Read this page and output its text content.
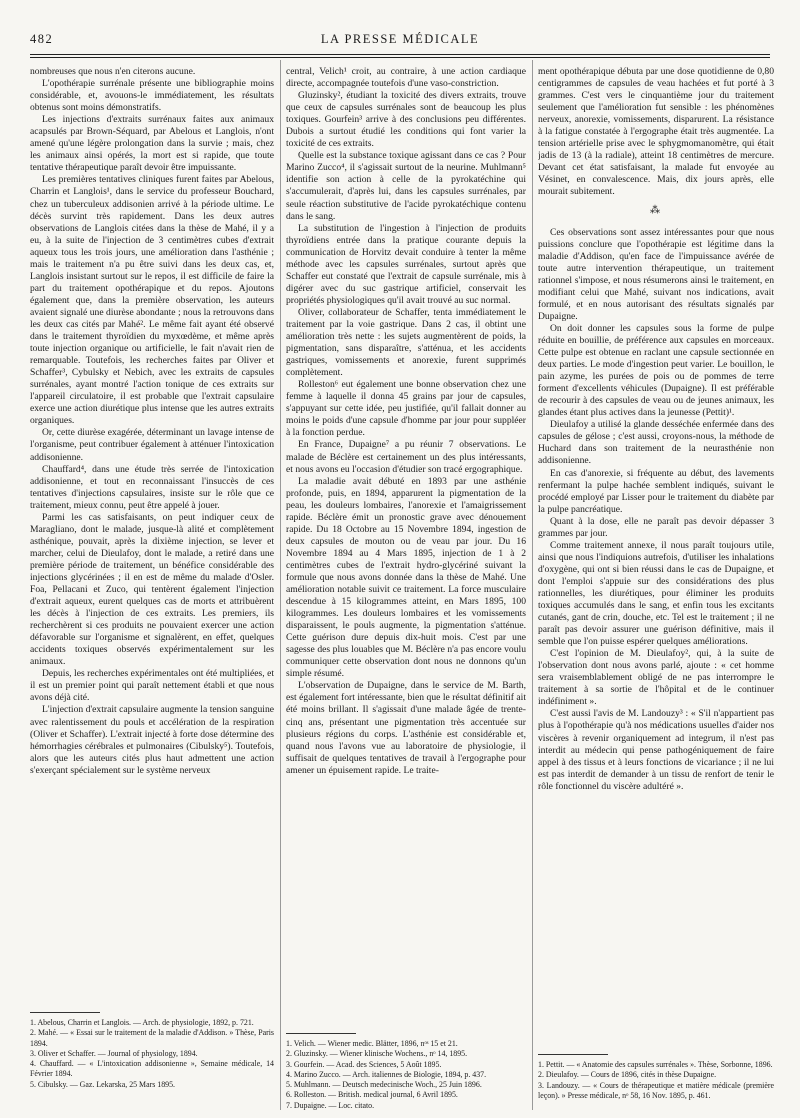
482	LA PRESSE MÉDICALE

nombreuses que nous n'en citerons aucune.

L'opothérapie surrénale présente une bibliographie moins considérable, et, avouons-le immédiatement, les résultats obtenus sont moins démonstratifs.

Les injections d'extraits surrénaux faites aux animaux acapsulés par Brown-Séquard, par Abelous et Langlois, n'ont amené qu'une légère prolongation dans la survie ; mais, chez les animaux ainsi opérés, la mort est si rapide, que toute tentative thérapeutique paraît devoir être impuissante.

Les premières tentatives cliniques furent faites par Abelous, Charrin et Langlois¹, dans le service du professeur Bouchard, chez un tuberculeux addisonien arrivé à la période ultime. Le décès survint très rapidement. Dans les deux autres observations de Langlois citées dans la thèse de Mahé, il y a eu, à la suite de l'injection de 3 centimètres cubes d'extrait aqueux tous les trois jours, une amélioration dans l'asthénie ; mais le traitement n'a pu être suivi dans les deux cas, et, Langlois insistant surtout sur le repos, il est difficile de faire la part du traitement opothérapique et du repos. Ajoutons également que, dans la première observation, les auteurs avaient signalé une diurèse abondante ; nous la retrouvons dans les deux cas cités par Mahé². Le même fait ayant été observé dans le traitement thyroïdien du myxœdème, et même après toute injection organique ou artificielle, le fait n'avait rien de remarquable. Toutefois, les recherches faites par Oliver et Schaffer³, Cybulsky et Nebich, avec les extraits de capsules surrénales, ayant montré l'action tonique de ces extraits sur l'appareil circulatoire, il est probable que l'extrait capsulaire exerce une action diurétique plus intense que les autres extraits organiques.

Or, cette diurèse exagérée, déterminant un lavage intense de l'organisme, peut contribuer également à atténuer l'intoxication addisonienne.

Chauffard⁴, dans une étude très serrée de l'intoxication addisonienne, et tout en reconnaissant l'insuccès de ces tentatives d'injections capsulaires, insiste sur le rôle que ce traitement, mieux connu, peut être appelé à jouer.

Parmi les cas satisfaisants, on peut indiquer ceux de Maragliano, dont le malade, jusque-là alité et complètement asthénique, pouvait, après la dixième injection, se lever et marcher, celui de Dieulafoy, dont le malade, a retiré dans une première période de traitement, un bénéfice considérable des injections glycérinées ; il en est de même du malade d'Osler. Foa, Pellacani et Zuco, qui tentèrent également l'injection d'extrait aqueux, eurent quelques cas de morts et attribuèrent les décès à l'injection de ces extraits. Les premiers, ils recherchèrent si ces produits ne pouvaient exercer une action défavorable sur l'organisme et signalèrent, en effet, quelques accidents toxiques observés expérimentalement sur les animaux.

Depuis, les recherches expérimentales ont été multipliées, et il est un premier point qui paraît nettement établi et que nous avons déjà cité.

L'injection d'extrait capsulaire augmente la tension sanguine avec ralentissement du pouls et accélération de la respiration (Oliver et Schaffer). L'extrait injecté à forte dose détermine des hémorrhagies cérébrales et pulmonaires (Cibulsky⁵). Toutefois, alors que les auteurs cités plus haut admettent une action s'exerçant spécialement sur le système nerveux

1. Abelous, Charrin et Langlois. — Arch. de physiologie, 1892, p. 721.

2. Mahé. — « Essai sur le traitement de la maladie d'Addison. » Thèse, Paris 1894.

3. Oliver et Schaffer. — Journal of physiology, 1894.

4. Chauffard. — « L'intoxication addisonienne », Semaine médicale, 14 Février 1894.

5. Cibulsky. — Gaz. Lekarska, 25 Mars 1895.

central, Velich¹ croit, au contraire, à une action cardiaque directe, accompagnée toutefois d'une vaso-constriction.

Gluzinsky², étudiant la toxicité des divers extraits, trouve que ceux de capsules surrénales sont de beaucoup les plus toxiques. Gourfein³ arrive à des conclusions peu différentes. Dubois a surtout étudié les conditions qui font varier la toxicité de ces extraits.

Quelle est la substance toxique agissant dans ce cas ? Pour Marino Zucco⁴, il s'agissait surtout de la neurine. Muhlmann⁵ identifie son action à celle de la pyrokatéchine qui s'accumulerait, d'après lui, dans les capsules surrénales, par seule réaction substitutive de l'acide pyrokatéchique contenu dans le sang.

La substitution de l'ingestion à l'injection de produits thyroïdiens entrée dans la pratique courante depuis la communication de Horvitz devait conduire à tenter la même méthode avec les capsules surrénales, surtout après que Schaffer eut constaté que l'extrait de capsule surrénale, mis à digérer avec du suc gastrique artificiel, conservait les propriétés physiologiques qu'il avait trouvé au suc normal.

Oliver, collaborateur de Schaffer, tenta immédiatement le traitement par la voie gastrique. Dans 2 cas, il obtint une amélioration très nette : les sujets augmentèrent de poids, la pigmentation, sans disparaître, s'atténua, et les accidents gastriques, vomissements et anorexie, furent supprimés complètement.

Rolleston⁶ eut également une bonne observation chez une femme à laquelle il donna 45 grains par jour de capsules, s'appuyant sur cette idée, peu justifiée, qu'il fallait donner au moins le poids d'une capsule d'homme par jour pour suppléer à la fonction perdue.

En France, Dupaigne⁷ a pu réunir 7 observations. Le malade de Béclère est certainement un des plus intéressants, et nous avons eu l'occasion d'étudier son tracé ergographique.

La maladie avait débuté en 1893 par une asthénie profonde, puis, en 1894, apparurent la pigmentation de la peau, les douleurs lombaires, l'anorexie et l'amaigrissement rapide. Béclère émit un pronostic grave avec dénouement rapide. Du 18 Octobre au 15 Novembre 1894, ingestion de deux capsules de mouton ou de veau par jour. Du 16 Novembre 1894 au 4 Mars 1895, injection de 1 à 2 centimètres cubes de l'extrait hydro-glycériné suivant la formule que nous avons donnée dans la thèse de Mahé. Une amélioration notable suivit ce traitement. La force musculaire descendue à 15 kilogrammes atteint, en Mars 1895, 100 kilogrammes. Les douleurs lombaires et les vomissements disparaissent, le pouls augmente, la pigmentation s'atténue. Cette guérison dure depuis dix-huit mois. C'est par une sagesse des plus louables que M. Béclère n'a pas encore voulu communiquer cette observation dont nous ne donnons qu'un simple résumé.

L'observation de Dupaigne, dans le service de M. Barth, est également fort intéressante, bien que le résultat définitif ait été moins brillant. Il s'agissait d'une malade âgée de trente-cinq ans, présentant une pigmentation très accentuée sur plusieurs régions du corps. L'asthénie est considérable et, quand nous l'avons vue au laboratoire de physiologie, il suffisait de quelques tentatives de travail à l'ergographe pour amener un épuisement rapide. Le traite-

1. Velich. — Wiener medic. Blätter, 1896, nᵒˢ 15 et 21.

2. Gluzinsky. — Wiener klinische Wochens., nᵒ 14, 1895.

3. Gourfein. — Acad. des Sciences, 5 Août 1895.

4. Marino Zucco. — Arch. italiennes de Biologie, 1894, p. 437.

5. Muhlmann. — Deutsch medecinische Woch., 25 Juin 1896.

6. Rolleston. — British. medical journal, 6 Avril 1895.

7. Dupaigne. — Loc. citato.

ment opothérapique débuta par une dose quotidienne de 0,80 centigrammes de capsules de veau hachées et fut porté à 3 grammes. C'est vers le cinquantième jour du traitement seulement que l'amélioration fut sensible : les phénomènes nerveux, anorexie, vomissements, disparurent. La résistance à la fatigue constatée à l'ergographe était très augmentée. La tension artérielle prise avec le sphygmomanomètre, qui était jadis de 13 (à la radiale), atteint 18 centimètres de mercure. Devant cet état satisfaisant, la malade fut envoyée au Vésinet, en convalescence. Mais, dix jours après, elle mourait subitement.

⁂

Ces observations sont assez intéressantes pour que nous puissions conclure que l'opothérapie est légitime dans la maladie d'Addison, qu'en face de l'impuissance avérée de toute autre intervention thérapeutique, un traitement rationnel s'impose, et nous résumerons ainsi le traitement, en modifiant celui que Mahé, suivant nos indications, avait formulé, et en nous autorisant des résultats signalés par Dupaigne.

On doit donner les capsules sous la forme de pulpe réduite en bouillie, de préférence aux capsules en morceaux. Cette pulpe est obtenue en raclant une capsule sectionnée en deux parties. Le mode d'ingestion peut varier. Le bouillon, le pain azyme, les purées de pois ou de pommes de terre forment d'excellents véhicules (Dupaigne). Il est préférable de recourir à des capsules de veau ou de jeunes animaux, les glandes étant plus actives dans la jeunesse (Pettit)¹.

Dieulafoy a utilisé la glande desséchée enfermée dans des capsules de gélose ; c'est aussi, croyons-nous, la méthode de Huchard dans son traitement de la neurasthénie non addisonienne.

En cas d'anorexie, si fréquente au début, des lavements renfermant la pulpe hachée semblent indiqués, suivant le procédé employé par Lisser pour le traitement du diabète par la pulpe pancréatique.

Quant à la dose, elle ne paraît pas devoir dépasser 3 grammes par jour.

Comme traitement annexe, il nous paraît toujours utile, ainsi que nous l'indiquions autrefois, d'utiliser les inhalations d'oxygène, qui ont si bien réussi dans le cas de Dupaigne, et dont l'emploi s'appuie sur des considérations des plus rationnelles, les diurétiques, pour éliminer les produits toxiques accumulés dans le sang, et enfin tous les excitants cutanés, gant de crin, douche, etc. Tel est le traitement ; il ne paraît pas devoir assurer une guérison définitive, mais il semble que l'on puisse espérer quelques améliorations.

C'est l'opinion de M. Dieulafoy², qui, à la suite de l'observation dont nous avons parlé, ajoute : « cet homme sera vraisemblablement obligé de ne pas interrompre le traitement à sa sortie de l'hôpital et de le continuer indéfiniment ».

C'est aussi l'avis de M. Landouzy³ : « S'il n'appartient pas plus à l'opothérapie qu'à nos médications usuelles d'aider nos viscères à revenir organiquement ad integrum, il n'est pas interdit au médecin qui pense pathogéniquement de faire appel à des tissus et à leurs fonctions de vicariance ; il ne lui est pas interdit de demander à un tissu de renfort de tenir le rôle fonctionnel du viscère adultéré ».

1. Pettit. — « Anatomie des capsules surrénales ». Thèse, Sorbonne, 1896.

2. Dieulafoy. — Cours de 1896, cités in thèse Dupaigne.

3. Landouzy. — « Cours de thérapeutique et matière médicale (première leçon). » Presse médicale, nᵒ 58, 16 Nov. 1895, p. 461.
